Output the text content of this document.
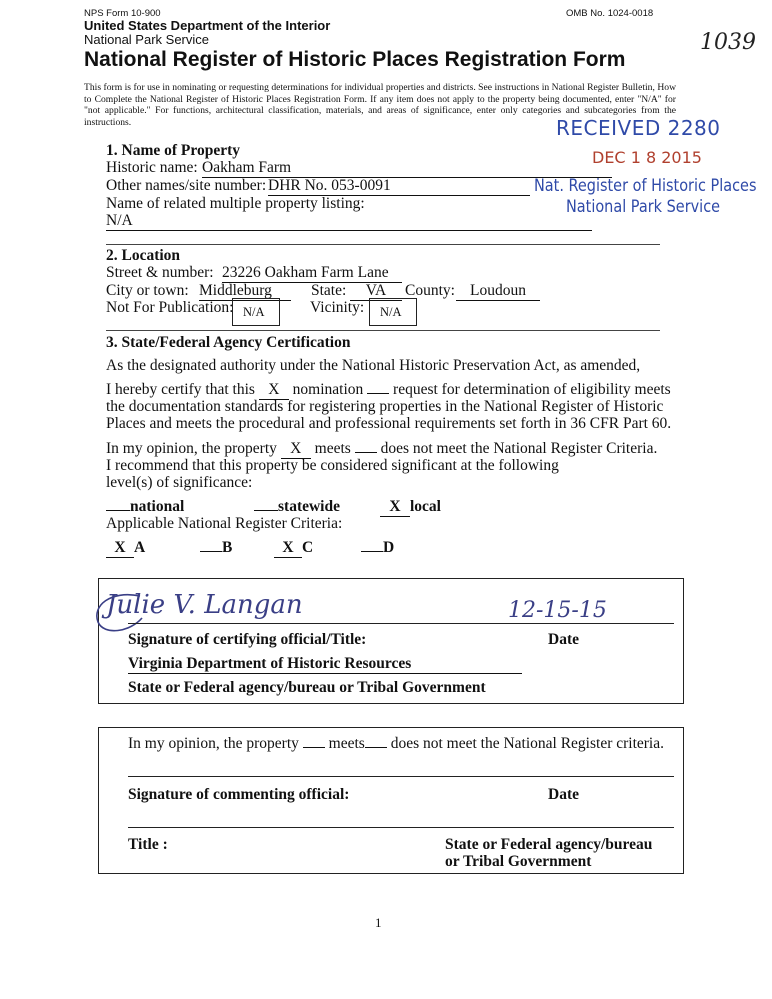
NPS Form 10-900	OMB No. 1024-0018
United States Department of the Interior
National Park Service
National Register of Historic Places Registration Form
1039
This form is for use in nominating or requesting determinations for individual properties and districts. See instructions in National Register Bulletin, How to Complete the National Register of Historic Places Registration Form. If any item does not apply to the property being documented, enter "N/A" for "not applicable." For functions, architectural classification, materials, and areas of significance, enter only categories and subcategories from the instructions.	RECEIVED 2280
DEC 1 8 2015
Nat. Register of Historic Places
National Park Service
1. Name of Property
Historic name: Oakham Farm
Other names/site number: DHR No. 053-0091
Name of related multiple property listing:
N/A
2. Location
Street & number: 23226 Oakham Farm Lane
City or town: Middleburg	State:	VA	County: Loudoun
Not For Publication: N/A	Vicinity: N/A
3. State/Federal Agency Certification
As the designated authority under the National Historic Preservation Act, as amended,
I hereby certify that this X nomination request for determination of eligibility meets
the documentation standards for registering properties in the National Register of Historic
Places and meets the procedural and professional requirements set forth in 36 CFR Part 60.
In my opinion, the property X meets does not meet the National Register Criteria.
I recommend that this property be considered significant at the following
level(s) of significance:
national	statewide	X local
Applicable National Register Criteria:
X A	B	X C	D
Julie V. Langan	12-15-15
Signature of certifying official/Title:	Date
Virginia Department of Historic Resources
State or Federal agency/bureau or Tribal Government
In my opinion, the property meets does not meet the National Register criteria.
Signature of commenting official:	Date
Title :	State or Federal agency/bureau
or Tribal Government
1
